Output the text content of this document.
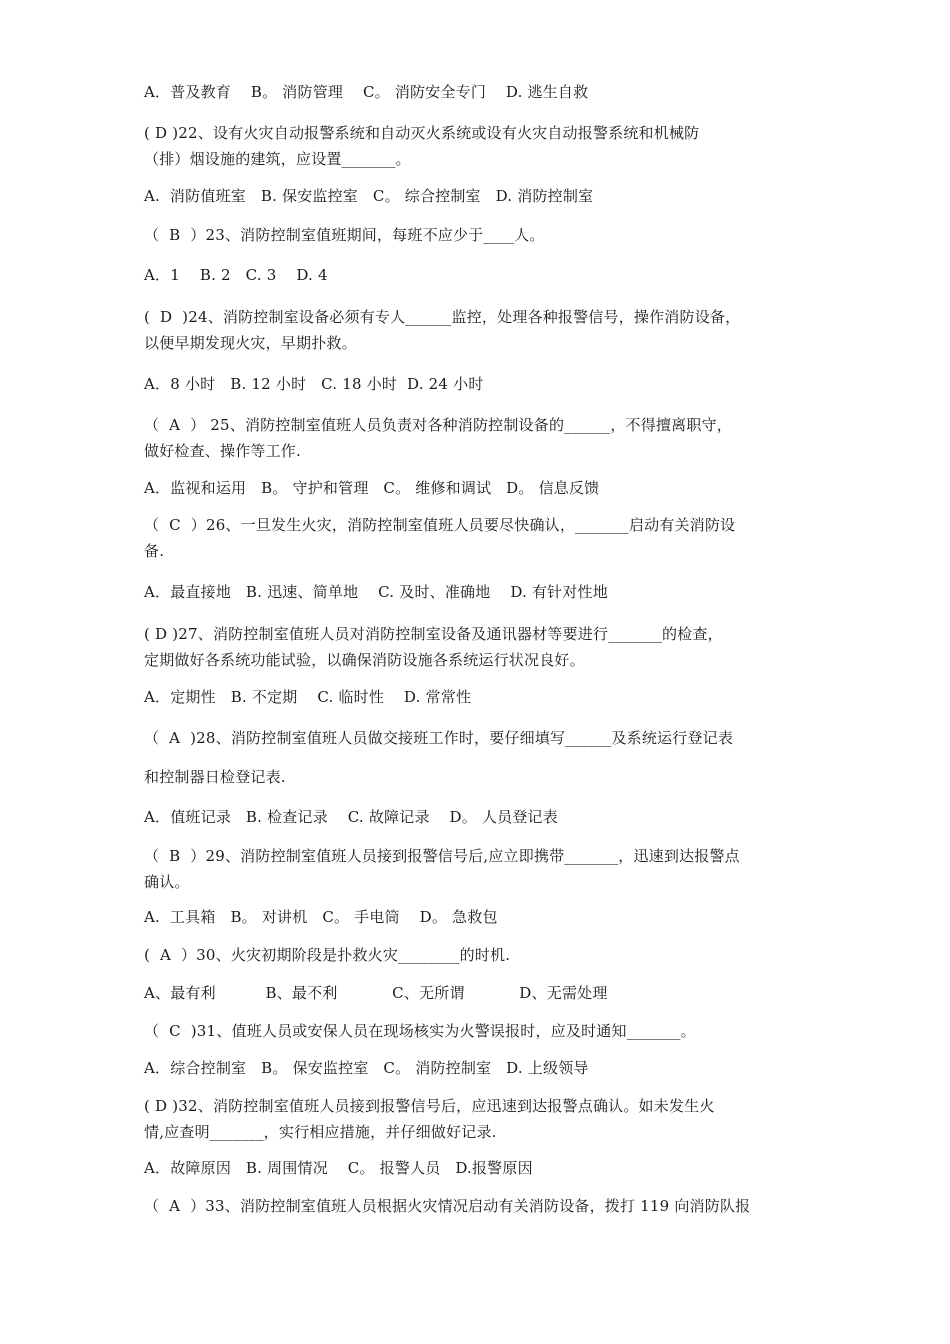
A．普及教育    B。 消防管理    C。 消防安全专门    D. 逃生自救
( D )22、设有火灾自动报警系统和自动灭火系统或设有火灾自动报警系统和机械防
（排）烟设施的建筑，应设置_______。
A.  消防值班室   B. 保安监控室   C。 综合控制室   D. 消防控制室
（  B  ）23、消防控制室值班期间，每班不应少于____人。
A．1    B. 2   C. 3    D. 4
(  D  )24、消防控制室设备必须有专人______监控，处理各种报警信号，操作消防设备，
以便早期发现火灾，早期扑救。
A．8 小时   B. 12 小时   C. 18 小时  D. 24 小时
（  A  ） 25、消防控制室值班人员负责对各种消防控制设备的______，不得擅离职守，
做好检查、操作等工作.
A．监视和运用   B。 守护和管理   C。 维修和调试   D。 信息反馈
（  C  ）26、一旦发生火灾，消防控制室值班人员要尽快确认，_______启动有关消防设
备.
A．最直接地   B. 迅速、简单地    C. 及时、准确地    D. 有针对性地
( D )27、消防控制室值班人员对消防控制室设备及通讯器材等要进行_______的检查，
定期做好各系统功能试验，以确保消防设施各系统运行状况良好。
A．定期性   B. 不定期    C. 临时性    D. 常常性
（  A  )28、消防控制室值班人员做交接班工作时，要仔细填写______及系统运行登记表
和控制器日检登记表.
A．值班记录   B. 检查记录    C. 故障记录    D。 人员登记表
（  B  ）29、消防控制室值班人员接到报警信号后,应立即携带_______，迅速到达报警点
确认。
A.  工具箱   B。 对讲机   C。 手电筒    D。 急救包
(  A  ）30、火灾初期阶段是扑救火灾________的时机.
A、最有利          B、最不利           C、无所谓           D、无需处理
（  C  )31、值班人员或安保人员在现场核实为火警误报时，应及时通知_______。
A．综合控制室   B。 保安监控室   C。 消防控制室   D. 上级领导
( D )32、消防控制室值班人员接到报警信号后，应迅速到达报警点确认。如未发生火
情,应查明_______，实行相应措施，并仔细做好记录.
A．故障原因   B. 周围情况    C。 报警人员   D.报警原因
（  A  ）33、消防控制室值班人员根据火灾情况启动有关消防设备，拨打 119 向消防队报
